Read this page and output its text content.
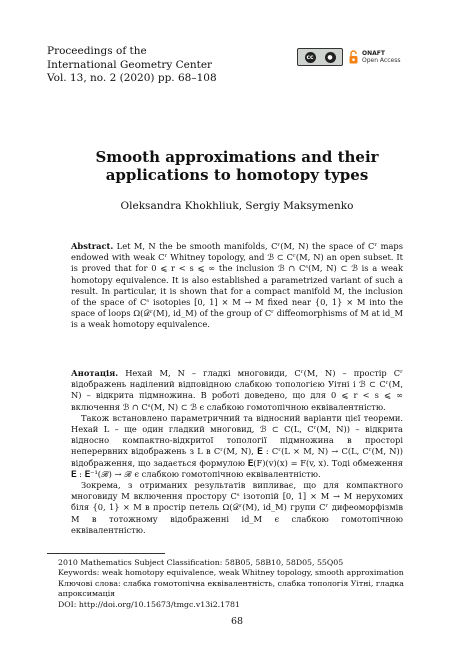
Proceedings of the
International Geometry Center
Vol. 13, no. 2 (2020) pp. 68–108
cc	●	ONAFT
Open Access
Smooth approximations and their
applications to homotopy types
Oleksandra Khokhliuk, Sergiy Maksymenko

Abstract. Let M, N the be smooth manifolds, Cʳ(M, N) the space of Cʳ maps endowed with weak Cʳ Whitney topology, and ℬ ⊂ Cʳ(M, N) an open subset. It is proved that for 0 ⩽ r < s ⩽ ∞ the inclusion ℬ ∩ Cˢ(M, N) ⊂ ℬ is a weak homotopy equivalence. It is also established a parametrized variant of such a result. In particular, it is shown that for a compact manifold M, the inclusion of the space of Cˢ isotopies [0, 1] × M → M fixed near {0, 1} × M into the space of loops Ω(𝒟ʳ(M), id_M) of the group of Cʳ diffeomorphisms of M at id_M is a weak homotopy equivalence.

Анотація. Нехай M, N – гладкі многовиди, Cʳ(M, N) – простір Cʳ відображень наділений відповідною слабкою топологією Уітні і ℬ ⊂ Cʳ(M, N) – відкрита підмножина. В роботі доведено, що для 0 ⩽ r < s ⩽ ∞ включення ℬ ∩ Cˢ(M, N) ⊂ ℬ є слабкою гомотопічною еквівалентністю.

Також встановлено параметричний та відносний варіанти цієї теореми. Нехай L – ще один гладкий многовид, ℬ ⊂ C(L, Cʳ(M, N)) – відкрита відносно компактно-відкритої топології підмножина в просторі неперервних відображень з L в Cʳ(M, N), 𝐄 : Cʳ(L × M, N) → C(L, Cʳ(M, N)) відображення, що задається формулою 𝐄(F)(v)(x) = F(v, x). Тоді обмеження 𝐄 : 𝐄⁻¹(ℬ) → ℬ є слабкою гомотопічною еквівалентністю.

Зокрема, з отриманих результатів випливає, що для компактного многовиду M включення простору Cˢ ізотопій [0, 1] × M → M нерухомих біля {0, 1} × M в простір петель Ω(𝒟ʳ(M), id_M) групи Cʳ дифеоморфізмів M в тотожному відображенні id_M є слабкою гомотопічною еквівалентністю.

2010 Mathematics Subject Classification: 58B05, 58B10, 58D05, 55Q05
Keywords: weak homotopy equivalence, weak Whitney topology, smooth approximation
Ключові слова: слабка гомотопічна еквівалентність, слабка топологія Уітні, гладка апроксимація
DOI: http://doi.org/10.15673/tmgc.v13i2.1781
68
